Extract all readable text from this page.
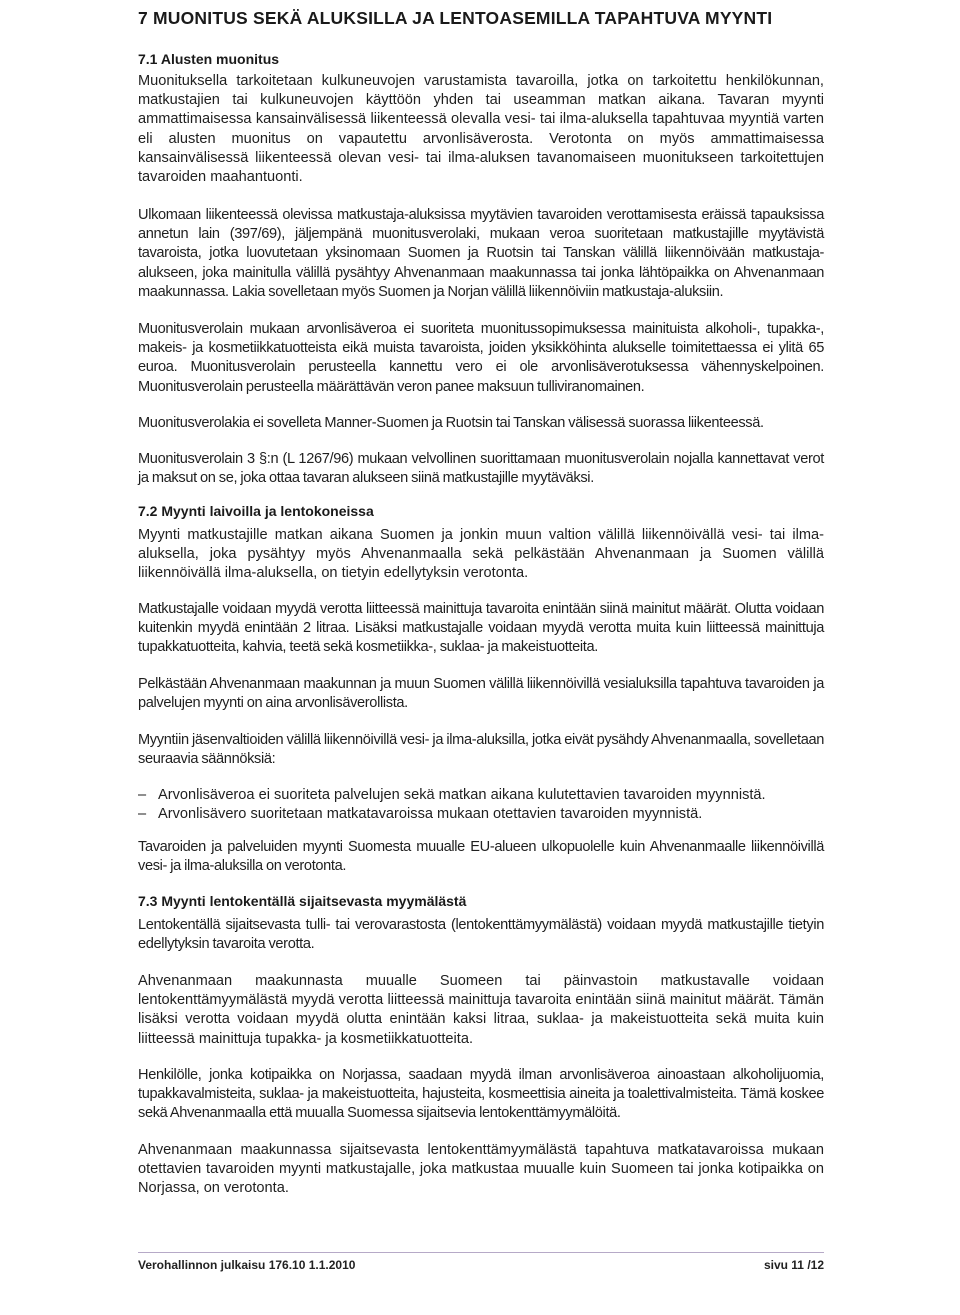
7 MUONITUS SEKÄ ALUKSILLA JA LENTOASEMILLA TAPAHTUVA MYYNTI
7.1 Alusten muonitus

Muonituksella tarkoitetaan kulkuneuvojen varustamista tavaroilla, jotka on tarkoitettu henkilökunnan, matkustajien tai kulkuneuvojen käyttöön yhden tai useamman matkan aikana. Tavaran myynti ammattimaisessa kansainvälisessä liikenteessä olevalla vesi- tai ilma-aluksella tapahtuvaa myyntiä varten eli alusten muonitus on vapautettu arvonlisäverosta. Verotonta on myös ammattimaisessa kansainvälisessä liikenteessä olevan vesi- tai ilma-aluksen tavanomaiseen muonitukseen tarkoitettujen tavaroiden maahantuonti.

Ulkomaan liikenteessä olevissa matkustaja-aluksissa myytävien tavaroiden verottamisesta eräissä tapauksissa annetun lain (397/69), jäljempänä muonitusverolaki, mukaan veroa suoritetaan matkustajille myytävistä tavaroista, jotka luovutetaan yksinomaan Suomen ja Ruotsin tai Tanskan välillä liikennöivään matkustaja-alukseen, joka mainitulla välillä pysähtyy Ahvenanmaan maakunnassa tai jonka lähtöpaikka on Ahvenanmaan maakunnassa. Lakia sovelletaan myös Suomen ja Norjan välillä liikennöiviin matkustaja-aluksiin.

Muonitusverolain mukaan arvonlisäveroa ei suoriteta muonitussopimuksessa mainituista alkoholi-, tupakka-, makeis- ja kosmetiikkatuotteista eikä muista tavaroista, joiden yksikköhinta alukselle toimitettaessa ei ylitä 65 euroa. Muonitusverolain perusteella kannettu vero ei ole arvonlisäverotuksessa vähennyskelpoinen. Muonitusverolain perusteella määrättävän veron panee maksuun tulliviranomainen.

Muonitusverolakia ei sovelleta Manner-Suomen ja Ruotsin tai Tanskan välisessä suorassa liikenteessä.

Muonitusverolain 3 §:n (L 1267/96) mukaan velvollinen suorittamaan muonitusverolain nojalla kannettavat verot ja maksut on se, joka ottaa tavaran alukseen siinä matkustajille myytäväksi.

7.2 Myynti laivoilla ja lentokoneissa

Myynti matkustajille matkan aikana Suomen ja jonkin muun valtion välillä liikennöivällä vesi- tai ilma-aluksella, joka pysähtyy myös Ahvenanmaalla sekä pelkästään Ahvenanmaan ja Suomen välillä liikennöivällä ilma-aluksella, on tietyin edellytyksin verotonta.

Matkustajalle voidaan myydä verotta liitteessä mainittuja tavaroita enintään siinä mainitut määrät. Olutta voidaan kuitenkin myydä enintään 2 litraa. Lisäksi matkustajalle voidaan myydä verotta muita kuin liitteessä mainittuja tupakkatuotteita, kahvia, teetä sekä kosmetiikka-, suklaa- ja makeistuotteita.

Pelkästään Ahvenanmaan maakunnan ja muun Suomen välillä liikennöivillä vesialuksilla tapahtuva tavaroiden ja palvelujen myynti on aina arvonlisäverollista.

Myyntiin jäsenvaltioiden välillä liikennöivillä vesi- ja ilma-aluksilla, jotka eivät pysähdy Ahvenanmaalla, sovelletaan seuraavia säännöksiä:

– Arvonlisäveroa ei suoriteta palvelujen sekä matkan aikana kulutettavien tavaroiden myynnistä.
– Arvonlisävero suoritetaan matkatavaroissa mukaan otettavien tavaroiden myynnistä.

Tavaroiden ja palveluiden myynti Suomesta muualle EU-alueen ulkopuolelle kuin Ahvenanmaalle liikennöivillä vesi- ja ilma-aluksilla on verotonta.

7.3 Myynti lentokentällä sijaitsevasta myymälästä

Lentokentällä sijaitsevasta tulli- tai verovarastosta (lentokenttämyymälästä) voidaan myydä matkustajille tietyin edellytyksin tavaroita verotta.

Ahvenanmaan maakunnasta muualle Suomeen tai päinvastoin matkustavalle voidaan lentokenttämyymälästä myydä verotta liitteessä mainittuja tavaroita enintään siinä mainitut määrät. Tämän lisäksi verotta voidaan myydä olutta enintään kaksi litraa, suklaa- ja makeistuotteita sekä muita kuin liitteessä mainittuja tupakka- ja kosmetiikkatuotteita.

Henkilölle, jonka kotipaikka on Norjassa, saadaan myydä ilman arvonlisäveroa ainoastaan alkoholijuomia, tupakkavalmisteita, suklaa- ja makeistuotteita, hajusteita, kosmeettisia aineita ja toalettivalmisteita. Tämä koskee sekä Ahvenanmaalla että muualla Suomessa sijaitsevia lentokenttämyymälöitä.

Ahvenanmaan maakunnassa sijaitsevasta lentokenttämyymälästä tapahtuva matkatavaroissa mukaan otettavien tavaroiden myynti matkustajalle, joka matkustaa muualle kuin Suomeen tai jonka kotipaikka on Norjassa, on verotonta.

Verohallinnon julkaisu 176.10 1.1.2010	sivu 11 /12
